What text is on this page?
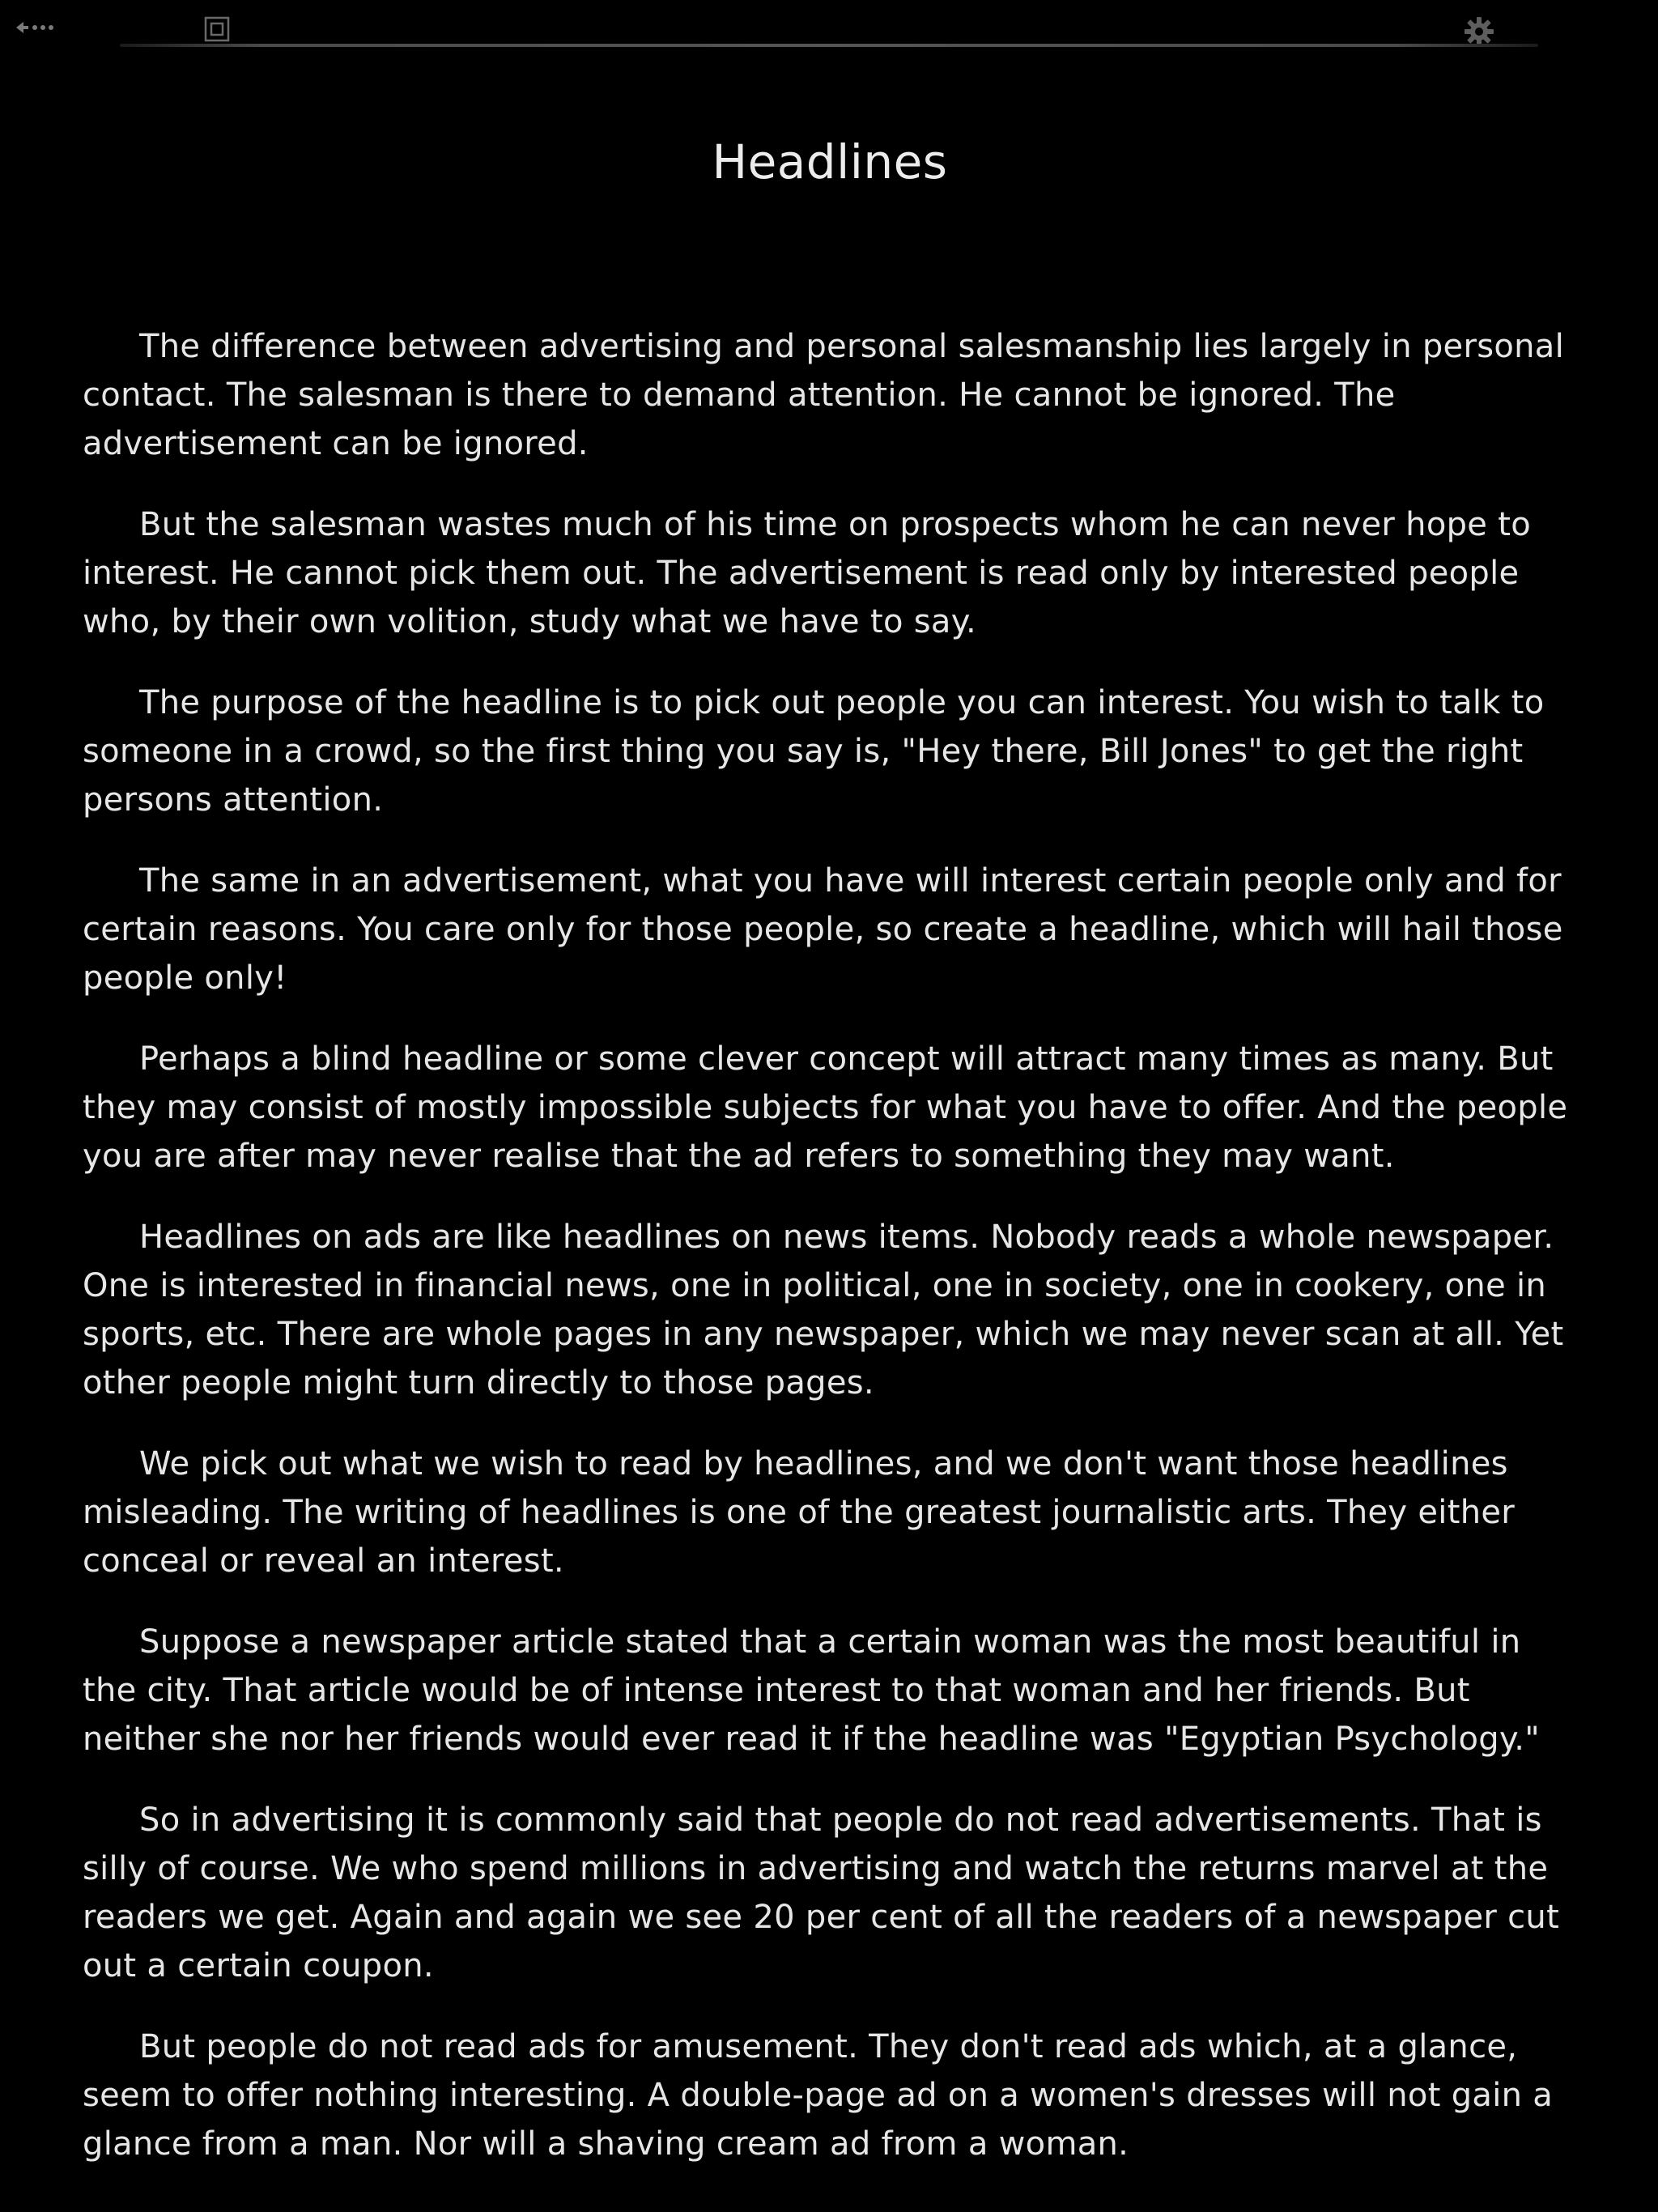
Headlines

The difference between advertising and personal salesmanship lies largely in personal contact. The salesman is there to demand attention. He cannot be ignored. The advertisement can be ignored.

But the salesman wastes much of his time on prospects whom he can never hope to interest. He cannot pick them out. The advertisement is read only by interested people who, by their own volition, study what we have to say.

The purpose of the headline is to pick out people you can interest. You wish to talk to someone in a crowd, so the first thing you say is, "Hey there, Bill Jones" to get the right persons attention.

The same in an advertisement, what you have will interest certain people only and for certain reasons. You care only for those people, so create a headline, which will hail those people only!

Perhaps a blind headline or some clever concept will attract many times as many. But they may consist of mostly impossible subjects for what you have to offer. And the people you are after may never realise that the ad refers to something they may want.

Headlines on ads are like headlines on news items. Nobody reads a whole newspaper. One is interested in financial news, one in political, one in society, one in cookery, one in sports, etc. There are whole pages in any newspaper, which we may never scan at all. Yet other people might turn directly to those pages.

We pick out what we wish to read by headlines, and we don't want those headlines misleading. The writing of headlines is one of the greatest journalistic arts. They either conceal or reveal an interest.

Suppose a newspaper article stated that a certain woman was the most beautiful in the city. That article would be of intense interest to that woman and her friends. But neither she nor her friends would ever read it if the headline was "Egyptian Psychology."

So in advertising it is commonly said that people do not read advertisements. That is silly of course. We who spend millions in advertising and watch the returns marvel at the readers we get. Again and again we see 20 per cent of all the readers of a newspaper cut out a certain coupon.

But people do not read ads for amusement. They don't read ads which, at a glance, seem to offer nothing interesting. A double-page ad on a women's dresses will not gain a glance from a man. Nor will a shaving cream ad from a woman.
